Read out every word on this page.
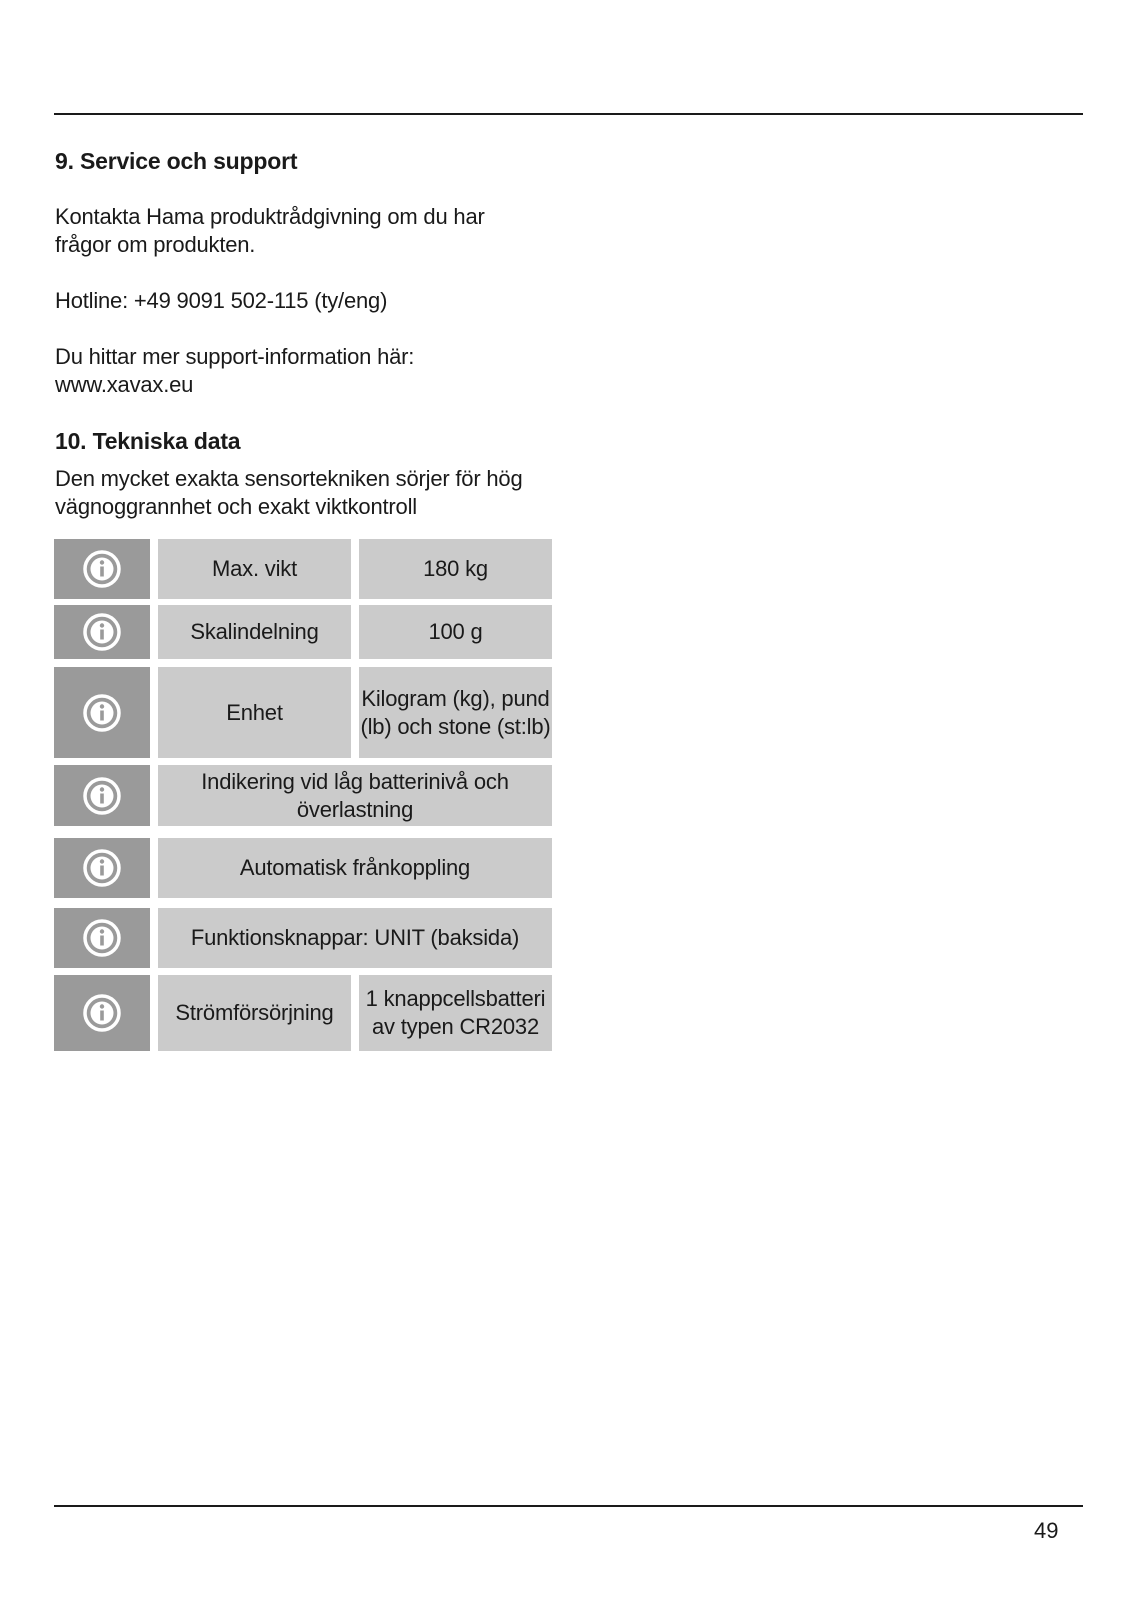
9. Service och support
Kontakta Hama produktrådgivning om du har
frågor om produkten.
Hotline: +49 9091 502-115 (ty/eng)
Du hittar mer support-information här:
www.xavax.eu
10. Tekniska data
Den mycket exakta sensortekniken sörjer för hög
vägnoggrannhet och exakt viktkontroll
Max. vikt	180 kg
Skalindelning	100 g
Enhet
Kilogram (kg), pund
(lb) och stone (st:lb)
Indikering vid låg batterinivå och
överlastning
Automatisk frånkoppling
Funktionsknappar: UNIT (baksida)
Strömförsörjning
1 knappcellsbatteri
av typen CR2032
49
